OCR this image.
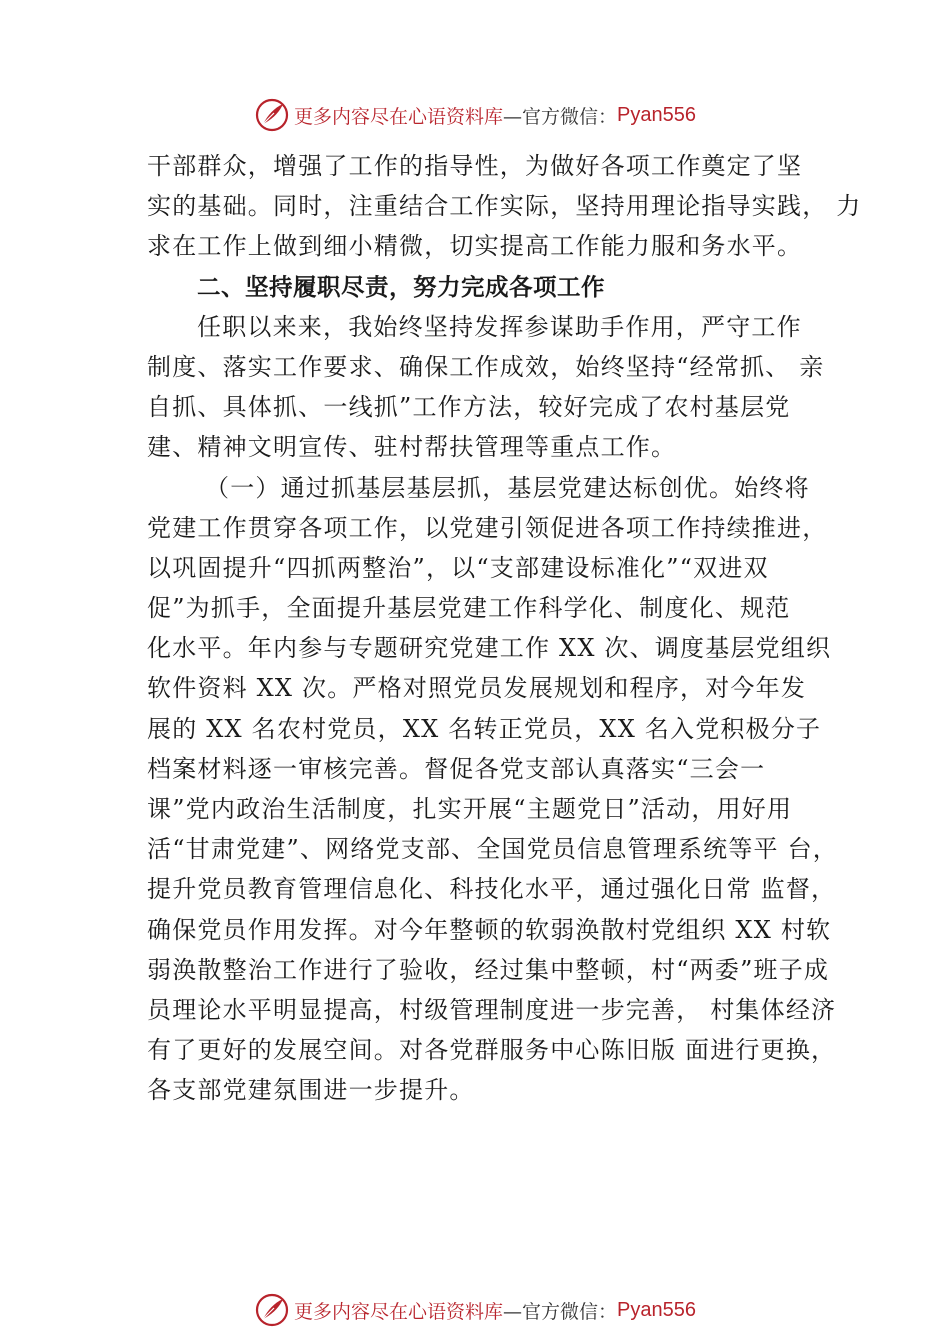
更多内容尽在心语资料库 —官方微信： Pyan556
干部群众，增强了工作的指导性，为做好各项工作奠定了坚
实的基础。同时，注重结合工作实际，坚持用理论指导实践， 力
求在工作上做到细小精微，切实提高工作能力服和务水平。
二、坚持履职尽责，努力完成各项工作
任职以来来，我始终坚持发挥参谋助手作用，严守工作
制度、落实工作要求、确保工作成效，始终坚持“经常抓、 亲
自抓、具体抓、一线抓”工作方法，较好完成了农村基层党
建、精神文明宣传、驻村帮扶管理等重点工作。
（一）通过抓基层基层抓，基层党建达标创优。始终将
党建工作贯穿各项工作，以党建引领促进各项工作持续推进，
以巩固提升“四抓两整治”，以“支部建设标准化”“双进双
促”为抓手，全面提升基层党建工作科学化、制度化、规范
化水平。年内参与专题研究党建工作 XX 次、调度基层党组织
软件资料 XX 次。严格对照党员发展规划和程序，对今年发
展的 XX 名农村党员，XX 名转正党员，XX 名入党积极分子
档案材料逐一审核完善。督促各党支部认真落实“三会一
课”党内政治生活制度，扎实开展“主题党日”活动，用好用
活“甘肃党建”、网络党支部、全国党员信息管理系统等平 台，
提升党员教育管理信息化、科技化水平，通过强化日常 监督，
确保党员作用发挥。对今年整顿的软弱涣散村党组织 XX 村软
弱涣散整治工作进行了验收，经过集中整顿，村“两委”班子成
员理论水平明显提高，村级管理制度进一步完善， 村集体经济
有了更好的发展空间。对各党群服务中心陈旧版 面进行更换，
各支部党建氛围进一步提升。
更多内容尽在心语资料库 —官方微信： Pyan556
